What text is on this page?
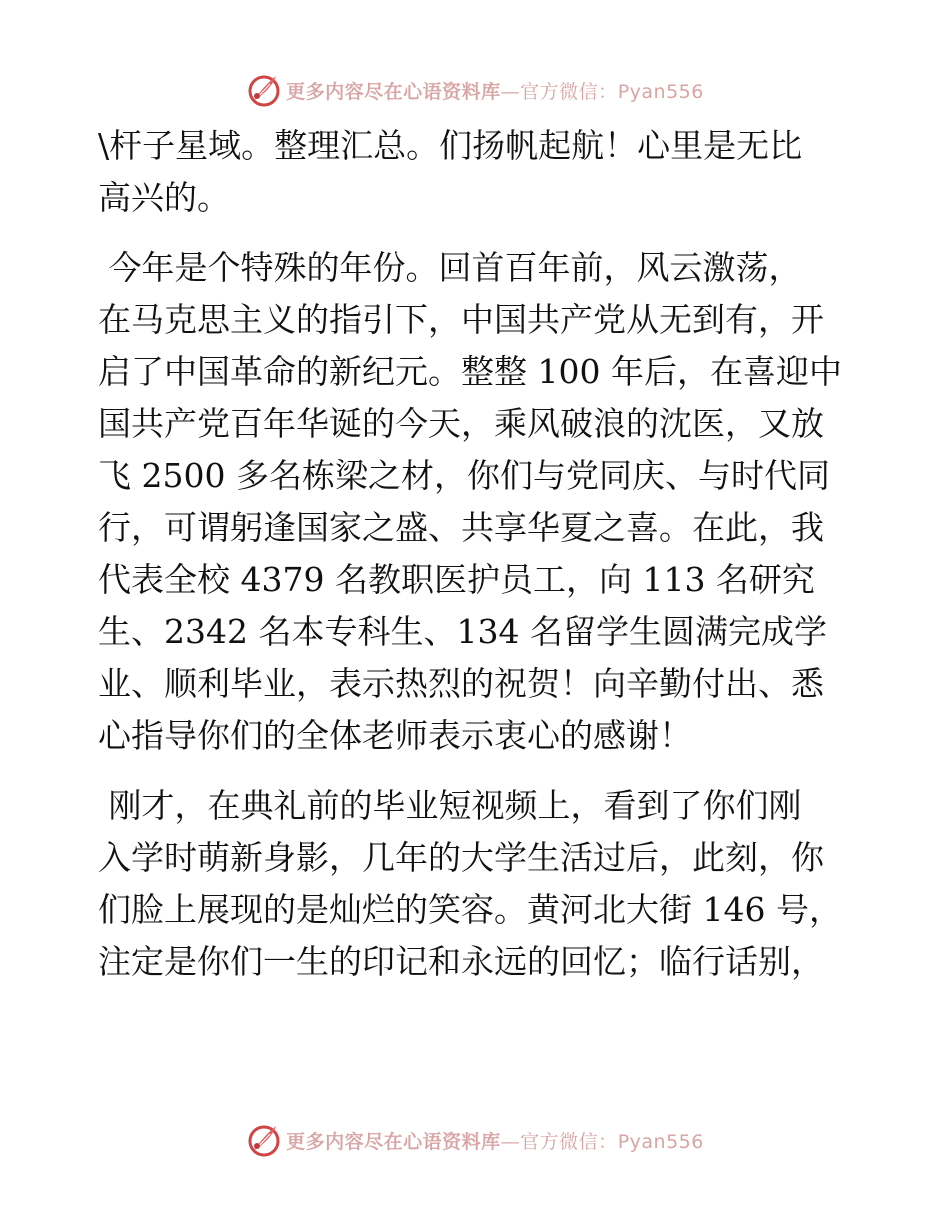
更多内容尽在心语资料库—官方微信：Pyan556
\杆子星域。整理汇总。们扬帆起航！心里是无比
高兴的。
今年是个特殊的年份。回首百年前，风云激荡，
在马克思主义的指引下，中国共产党从无到有，开
启了中国革命的新纪元。整整 100 年后，在喜迎中
国共产党百年华诞的今天，乘风破浪的沈医，又放
飞 2500 多名栋梁之材，你们与党同庆、与时代同
行，可谓躬逢国家之盛、共享华夏之喜。在此，我
代表全校 4379 名教职医护员工，向 113 名研究
生、2342 名本专科生、134 名留学生圆满完成学
业、顺利毕业，表示热烈的祝贺！向辛勤付出、悉
心指导你们的全体老师表示衷心的感谢！
刚才，在典礼前的毕业短视频上，看到了你们刚
入学时萌新身影，几年的大学生活过后，此刻，你
们脸上展现的是灿烂的笑容。黄河北大街 146 号，
注定是你们一生的印记和永远的回忆；临行话别，
更多内容尽在心语资料库—官方微信：Pyan556
